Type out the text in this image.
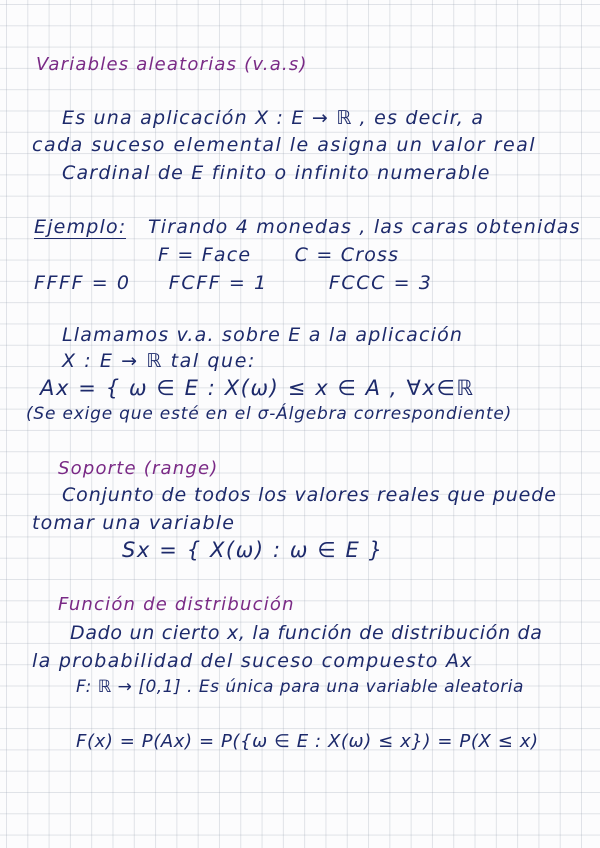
Variables aleatorias (v.a.s)
Es una aplicación X : E → ℝ , es decir, a
cada suceso elemental le asigna un valor real
Cardinal de E finito o infinito numerable
Ejemplo: Tirando 4 monedas , las caras obtenidas
F = Face      C = Cross
FFFF = 0     FCFF = 1        FCCC = 3
Llamamos v.a. sobre E a la aplicación
X : E → ℝ tal que:
Ax = { ω ∈ E : X(ω) ≤ x ∈ A , ∀x∈ℝ
(Se exige que esté en el σ-Álgebra correspondiente)
Soporte (range)
Conjunto de todos los valores reales que puede
tomar una variable
Sx = { X(ω) : ω ∈ E }
Función de distribución
Dado un cierto x, la función de distribución da
la probabilidad del suceso compuesto Ax
F: ℝ → [0,1] . Es única para una variable aleatoria
F(x) = P(Ax) = P({ω ∈ E : X(ω) ≤ x}) = P(X ≤ x)
